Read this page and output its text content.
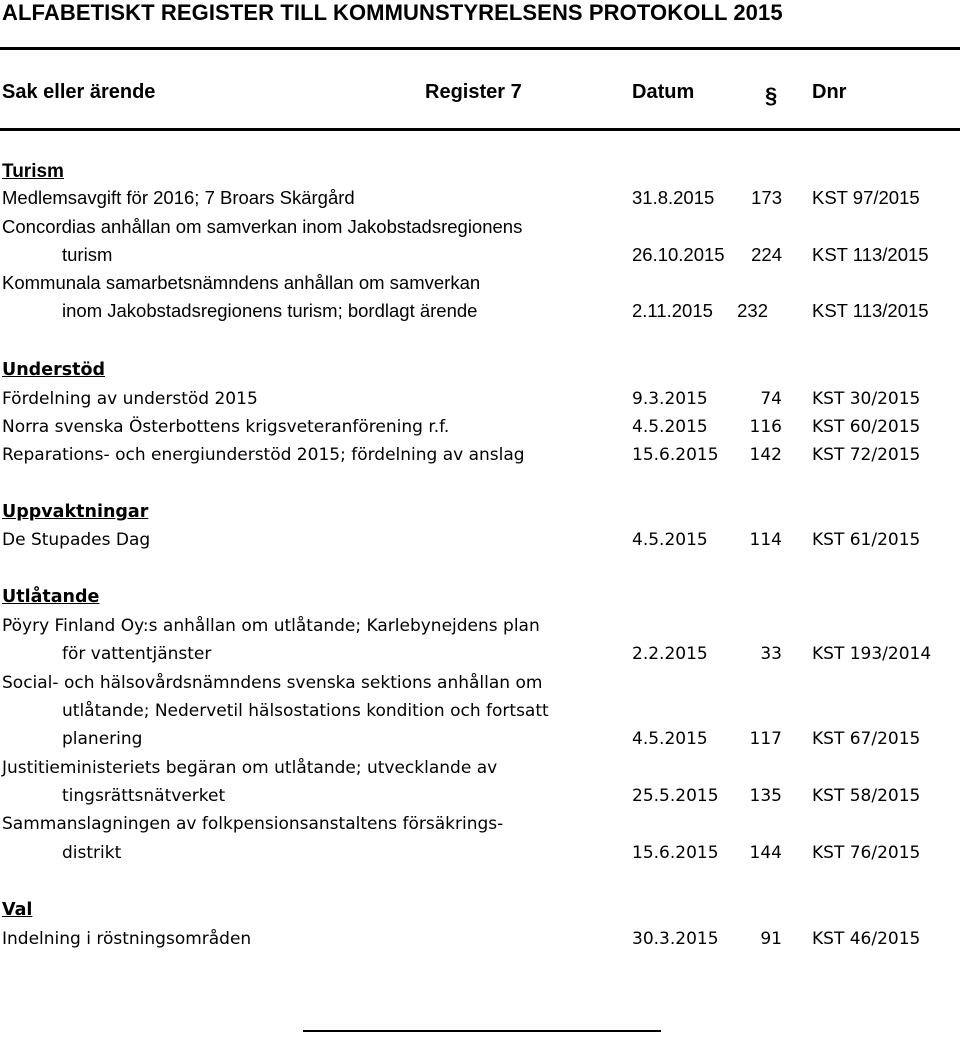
ALFABETISKT REGISTER TILL KOMMUNSTYRELSENS PROTOKOLL 2015
Sak eller ärende	Register 7	Datum	§ Dnr
Turism
Medlemsavgift för 2016; 7 Broars Skärgård	31.8.2015	173 KST 97/2015
Concordias anhållan om samverkan inom Jakobstadsregionens
turism	26.10.2015	224 KST 113/2015
Kommunala samarbetsnämndens anhållan om samverkan
inom Jakobstadsregionens turism; bordlagt ärende	2.11.2015	232 KST 113/2015
Understöd
Fördelning av understöd 2015	9.3.2015	74 KST 30/2015
Norra svenska Österbottens krigsveteranförening r.f.	4.5.2015	116 KST 60/2015
Reparations- och energiunderstöd 2015; fördelning av anslag	15.6.2015	142 KST 72/2015
Uppvaktningar
De Stupades Dag	4.5.2015	114 KST 61/2015
Utlåtande
Pöyry Finland Oy:s anhållan om utlåtande; Karlebynejdens plan
för vattentjänster	2.2.2015	33 KST 193/2014
Social- och hälsovårdsnämndens svenska sektions anhållan om
utlåtande; Nedervetil hälsostations kondition och fortsatt
planering	4.5.2015	117 KST 67/2015
Justitieministeriets begäran om utlåtande; utvecklande av
tingsrättsnätverket	25.5.2015	135 KST 58/2015
Sammanslagningen av folkpensionsanstaltens försäkrings-
distrikt	15.6.2015	144 KST 76/2015
Val
Indelning i röstningsområden	30.3.2015	91 KST 46/2015
